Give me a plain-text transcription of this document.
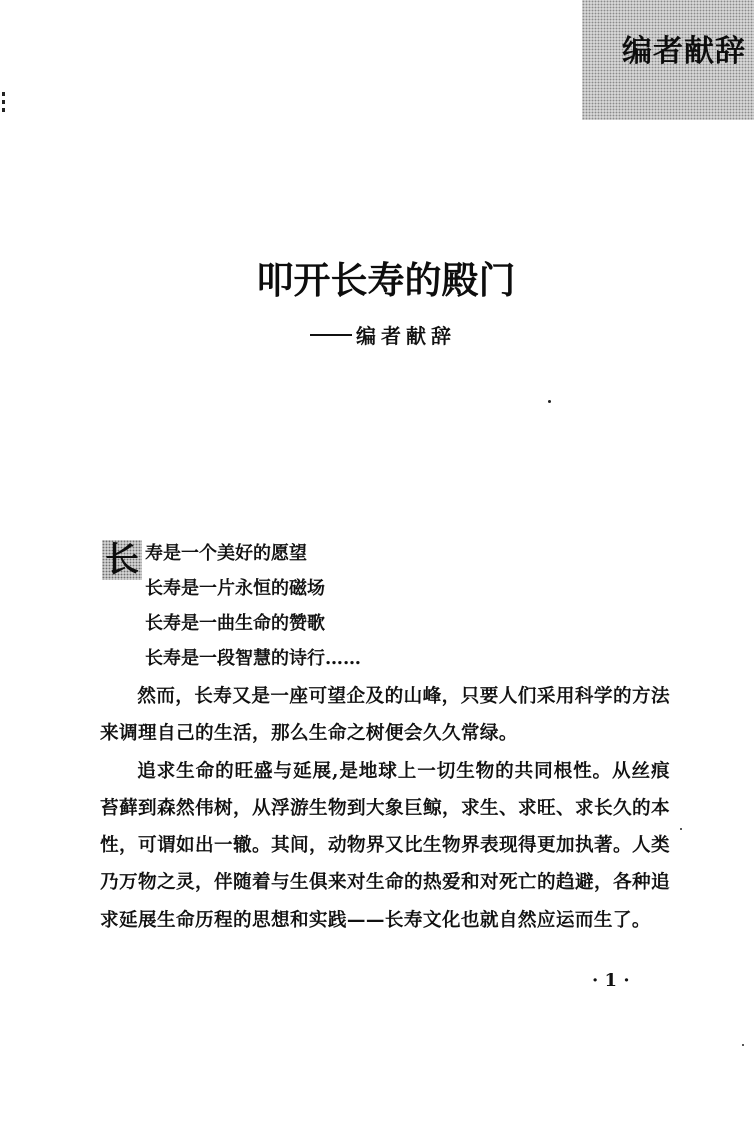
编者献辞
叩开长寿的殿门
编者献辞
长 寿是一个美好的愿望
长寿是一片永恒的磁场
长寿是一曲生命的赞歌
长寿是一段智慧的诗行……

然而，长寿又是一座可望企及的山峰，只要人们采用科学的方法来调理自己的生活，那么生命之树便会久久常绿。

追求生命的旺盛与延展,是地球上一切生物的共同根性。从丝痕苔藓到森然伟树，从浮游生物到大象巨鲸，求生、求旺、求长久的本性，可谓如出一辙。其间，动物界又比生物界表现得更加执著。人类乃万物之灵，伴随着与生俱来对生命的热爱和对死亡的趋避，各种追求延展生命历程的思想和实践——长寿文化也就自然应运而生了。

· 1 ·
